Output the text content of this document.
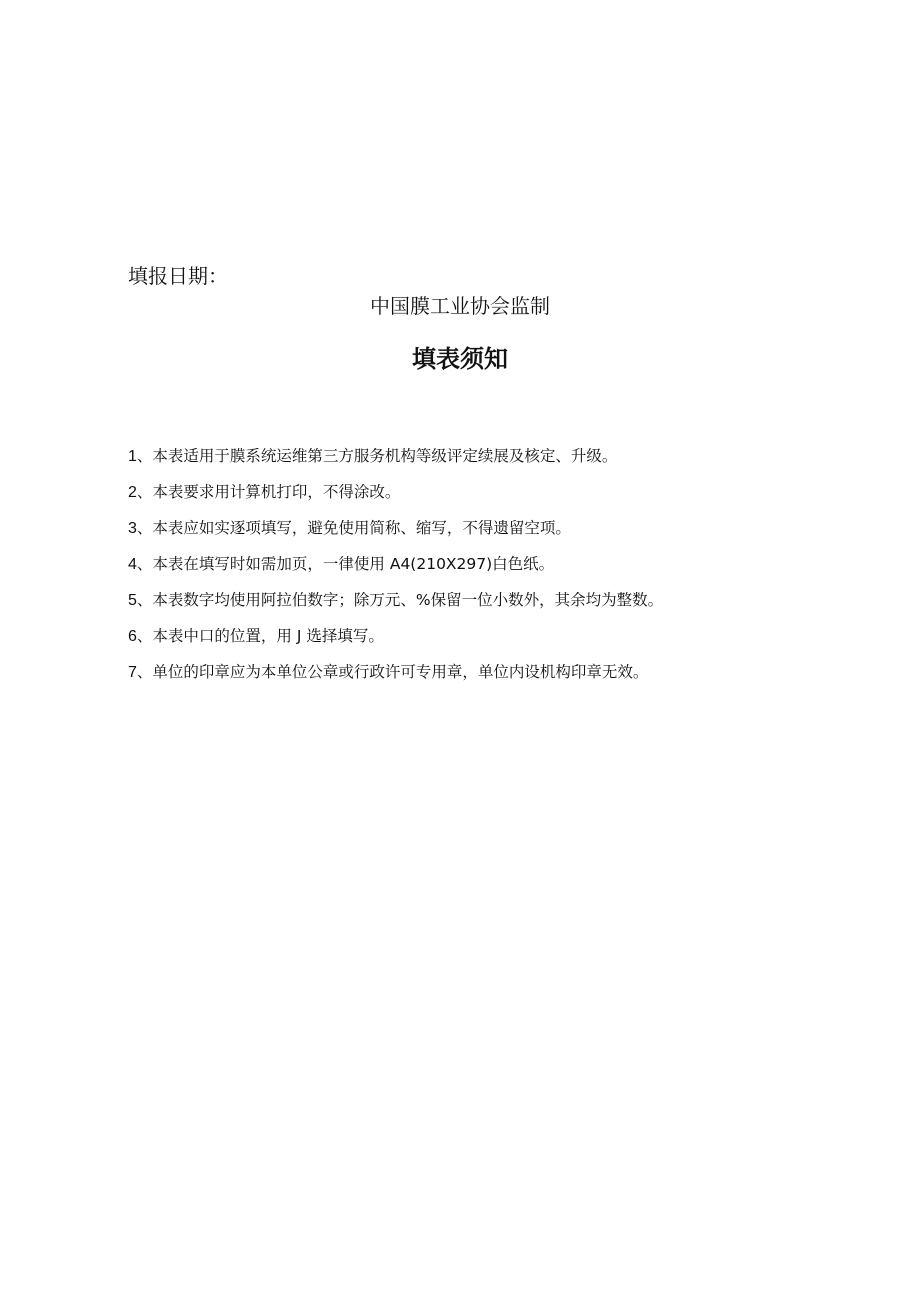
填报日期：
中国膜工业协会监制
填表须知
1、本表适用于膜系统运维第三方服务机构等级评定续展及核定、升级。
2、本表要求用计算机打印，不得涂改。
3、本表应如实逐项填写，避免使用简称、缩写，不得遗留空项。
4、本表在填写时如需加页，一律使用 A4(210X297)白色纸。
5、本表数字均使用阿拉伯数字；除万元、%保留一位小数外，其余均为整数。
6、本表中口的位置，用 J 选择填写。
7、单位的印章应为本单位公章或行政许可专用章，单位内设机构印章无效。
